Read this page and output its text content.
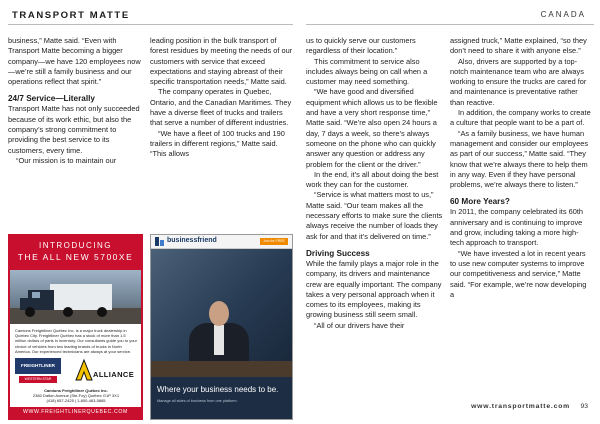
TRANSPORT MATTE	CANADA

business,” Matte said. “Even with Transport Matte becoming a bigger company—we have 120 employees now—we’re still a family business and our operations reflect that spirit.”

24/7 Service—Literally

Transport Matte has not only succeeded because of its work ethic, but also the company’s strong commitment to providing the best service to its customers, every time.

“Our mission is to maintain our

leading position in the bulk transport of forest residues by meeting the needs of our customers with service that exceed expectations and staying abreast of their specific transportation needs,” Matte said.

The company operates in Quebec, Ontario, and the Canadian Maritimes. They have a diverse fleet of trucks and trailers that serve a number of different industries.

“We have a fleet of 100 trucks and 190 trailers in different regions,” Matte said. “This allows

us to quickly serve our customers regardless of their location.”

This commitment to service also includes always being on call when a customer may need something.

“We have good and diversified equipment which allows us to be flexible and have a very short response time,” Matte said. “We’re also open 24 hours a day, 7 days a week, so there’s always someone on the phone who can quickly answer any question or address any problem for the client or the driver.”

In the end, it’s all about doing the best work they can for the customer.

“Service is what matters most to us,” Matte said. “Our team makes all the necessary efforts to make sure the clients always receive the number of loads they ask for and that it’s delivered on time.”

Driving Success

While the family plays a major role in the company, its drivers and maintenance crew are equally important. The company takes a very personal approach when it comes to its employees, making its growing business still seem small.

“All of our drivers have their

assigned truck,” Matte explained, “so they don’t need to share it with anyone else.”

Also, drivers are supported by a top-notch maintenance team who are always working to ensure the trucks are cared for and maintenance is preventative rather than reactive.

In addition, the company works to create a culture that people want to be a part of.

“As a family business, we have human management and consider our employees as part of our success,” Matte said. “They know that we’re always there to help them in any way. Even if they have personal problems, we’re always there to listen.”

60 More Years?

In 2011, the company celebrated its 60th anniversary and is continuing to improve and grow, including taking a more high-tech approach to transport.

“We have invested a lot in recent years to use new computer systems to improve our competitiveness and service,” Matte said. “For example, we’re now developing a

INTRODUCING
THE ALL NEW 5700XE
Camions Freightliner Québec Inc. is a major truck dealership in Quebec City. Freightliner Québec has a stock of more than 1.5 million dollars of parts in inventory. Our consultants guide you to your choice of vehicles from two leading brands of trucks in North America. Our experienced technicians are always at your service.
FREIGHTLINER
WESTERN STAR	ALLIANCE
Camions Freightliner Québec Inc.
2380 Dalton Avenue (Ste-Foy) Québec G1P 3X1
(418) 657-2425 | 1-800-463-5865
WWW.FREIGHTLINERQUEBEC.COM
businessfriend	Join for FREE
Where your business needs to be.
Manage all sides of business from one platform.
www.transportmatte.com 93
